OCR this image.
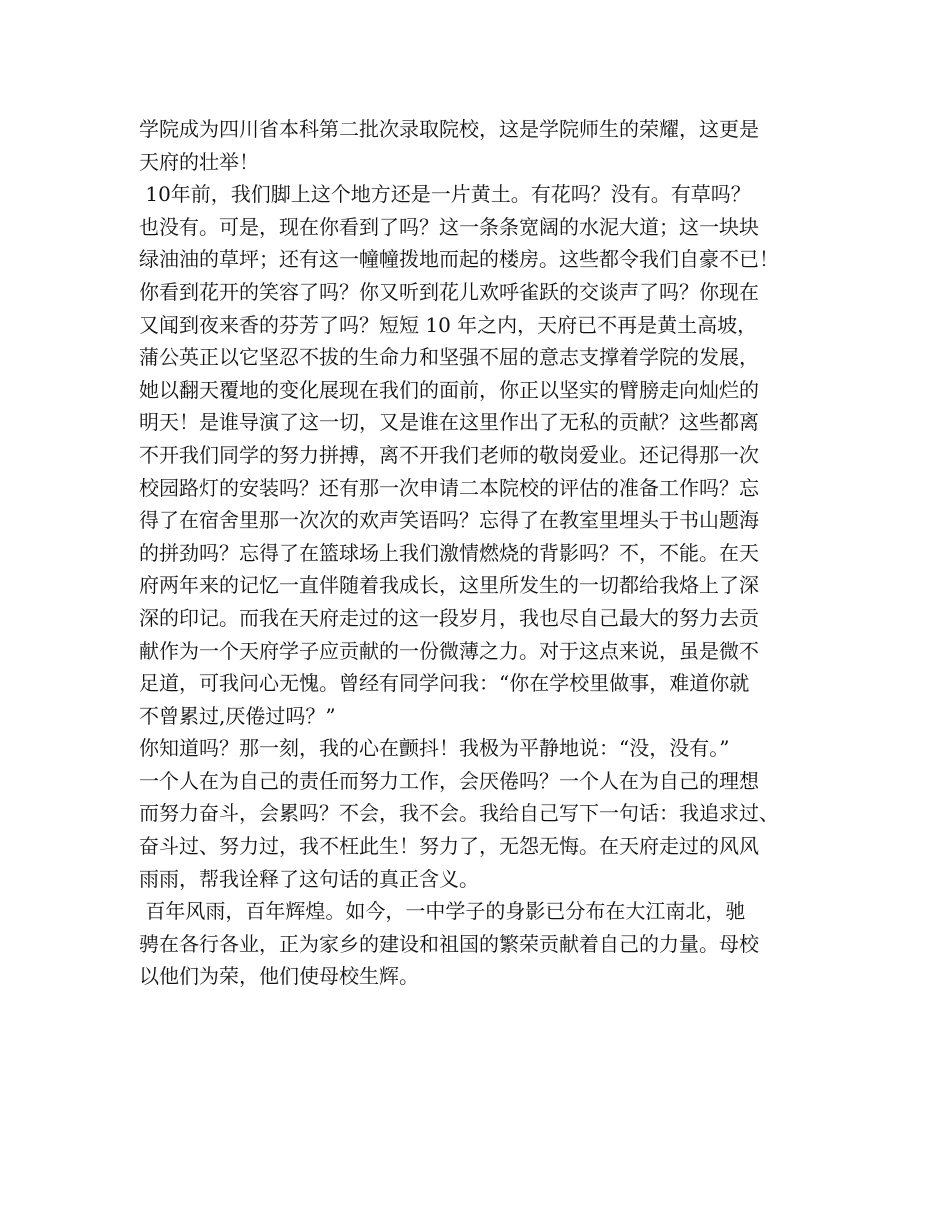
学院成为四川省本科第二批次录取院校，这是学院师生的荣耀，这更是
天府的壮举！
10年前，我们脚上这个地方还是一片黄土。有花吗？没有。有草吗？
也没有。可是，现在你看到了吗？这一条条宽阔的水泥大道；这一块块
绿油油的草坪；还有这一幢幢拨地而起的楼房。这些都令我们自豪不已！
你看到花开的笑容了吗？你又听到花儿欢呼雀跃的交谈声了吗？你现在
又闻到夜来香的芬芳了吗？短短 10 年之内，天府已不再是黄土高坡，
蒲公英正以它坚忍不拔的生命力和坚强不屈的意志支撑着学院的发展，
她以翻天覆地的变化展现在我们的面前，你正以坚实的臂膀走向灿烂的
明天！是谁导演了这一切，又是谁在这里作出了无私的贡献？这些都离
不开我们同学的努力拼搏，离不开我们老师的敬岗爱业。还记得那一次
校园路灯的安装吗？还有那一次申请二本院校的评估的准备工作吗？忘
得了在宿舍里那一次次的欢声笑语吗？忘得了在教室里埋头于书山题海
的拼劲吗？忘得了在篮球场上我们激情燃烧的背影吗？不，不能。在天
府两年来的记忆一直伴随着我成长，这里所发生的一切都给我烙上了深
深的印记。而我在天府走过的这一段岁月，我也尽自己最大的努力去贡
献作为一个天府学子应贡献的一份微薄之力。对于这点来说，虽是微不
足道，可我问心无愧。曾经有同学问我：“你在学校里做事，难道你就
不曾累过,厌倦过吗？”
你知道吗？那一刻，我的心在颤抖！我极为平静地说：“没，没有。”
一个人在为自己的责任而努力工作，会厌倦吗？一个人在为自己的理想
而努力奋斗，会累吗？不会，我不会。我给自己写下一句话：我追求过、
奋斗过、努力过，我不枉此生！努力了，无怨无悔。在天府走过的风风
雨雨，帮我诠释了这句话的真正含义。
百年风雨，百年辉煌。如今，一中学子的身影已分布在大江南北，驰
骋在各行各业，正为家乡的建设和祖国的繁荣贡献着自己的力量。母校
以他们为荣，他们使母校生辉。
